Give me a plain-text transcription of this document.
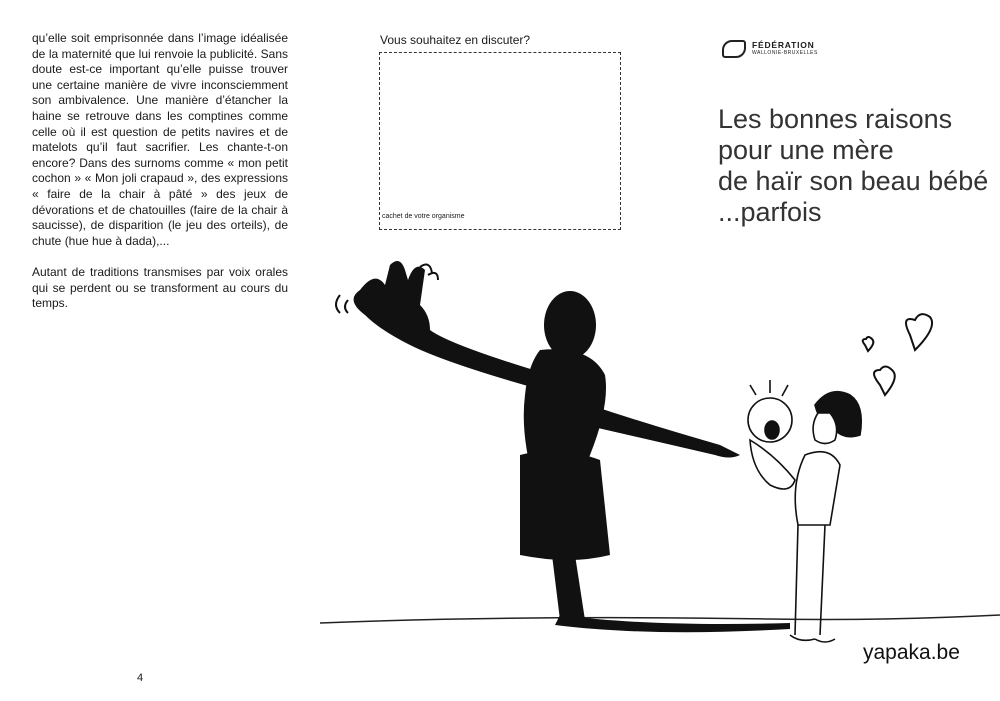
qu’elle soit emprisonnée dans l’image idéalisée de la maternité que lui renvoie la publicité. Sans doute est-ce important qu’elle puisse trouver une certaine manière de vivre inconsciemment son ambivalence. Une manière d’étancher la haine se retrouve dans les comptines comme celle où il est question de petits navires et de matelots qu’il faut sacrifier. Les chante-t-on encore? Dans des surnoms comme « mon petit cochon » « Mon joli crapaud », des expressions « faire de la chair à pâté » des jeux de dévorations et de chatouilles (faire de la chair à saucisse), de disparition (le jeu des orteils), de chute (hue hue à dada),...

Autant de traditions transmises par voix orales qui se perdent ou se transforment au cours du temps.

4
Vous souhaitez en discuter?
cachet de votre organisme
FÉDÉRATION
WALLONIE-BRUXELLES
Les bonnes raisons
pour une mère
de haïr son beau bébé
...parfois
yapaka.be
